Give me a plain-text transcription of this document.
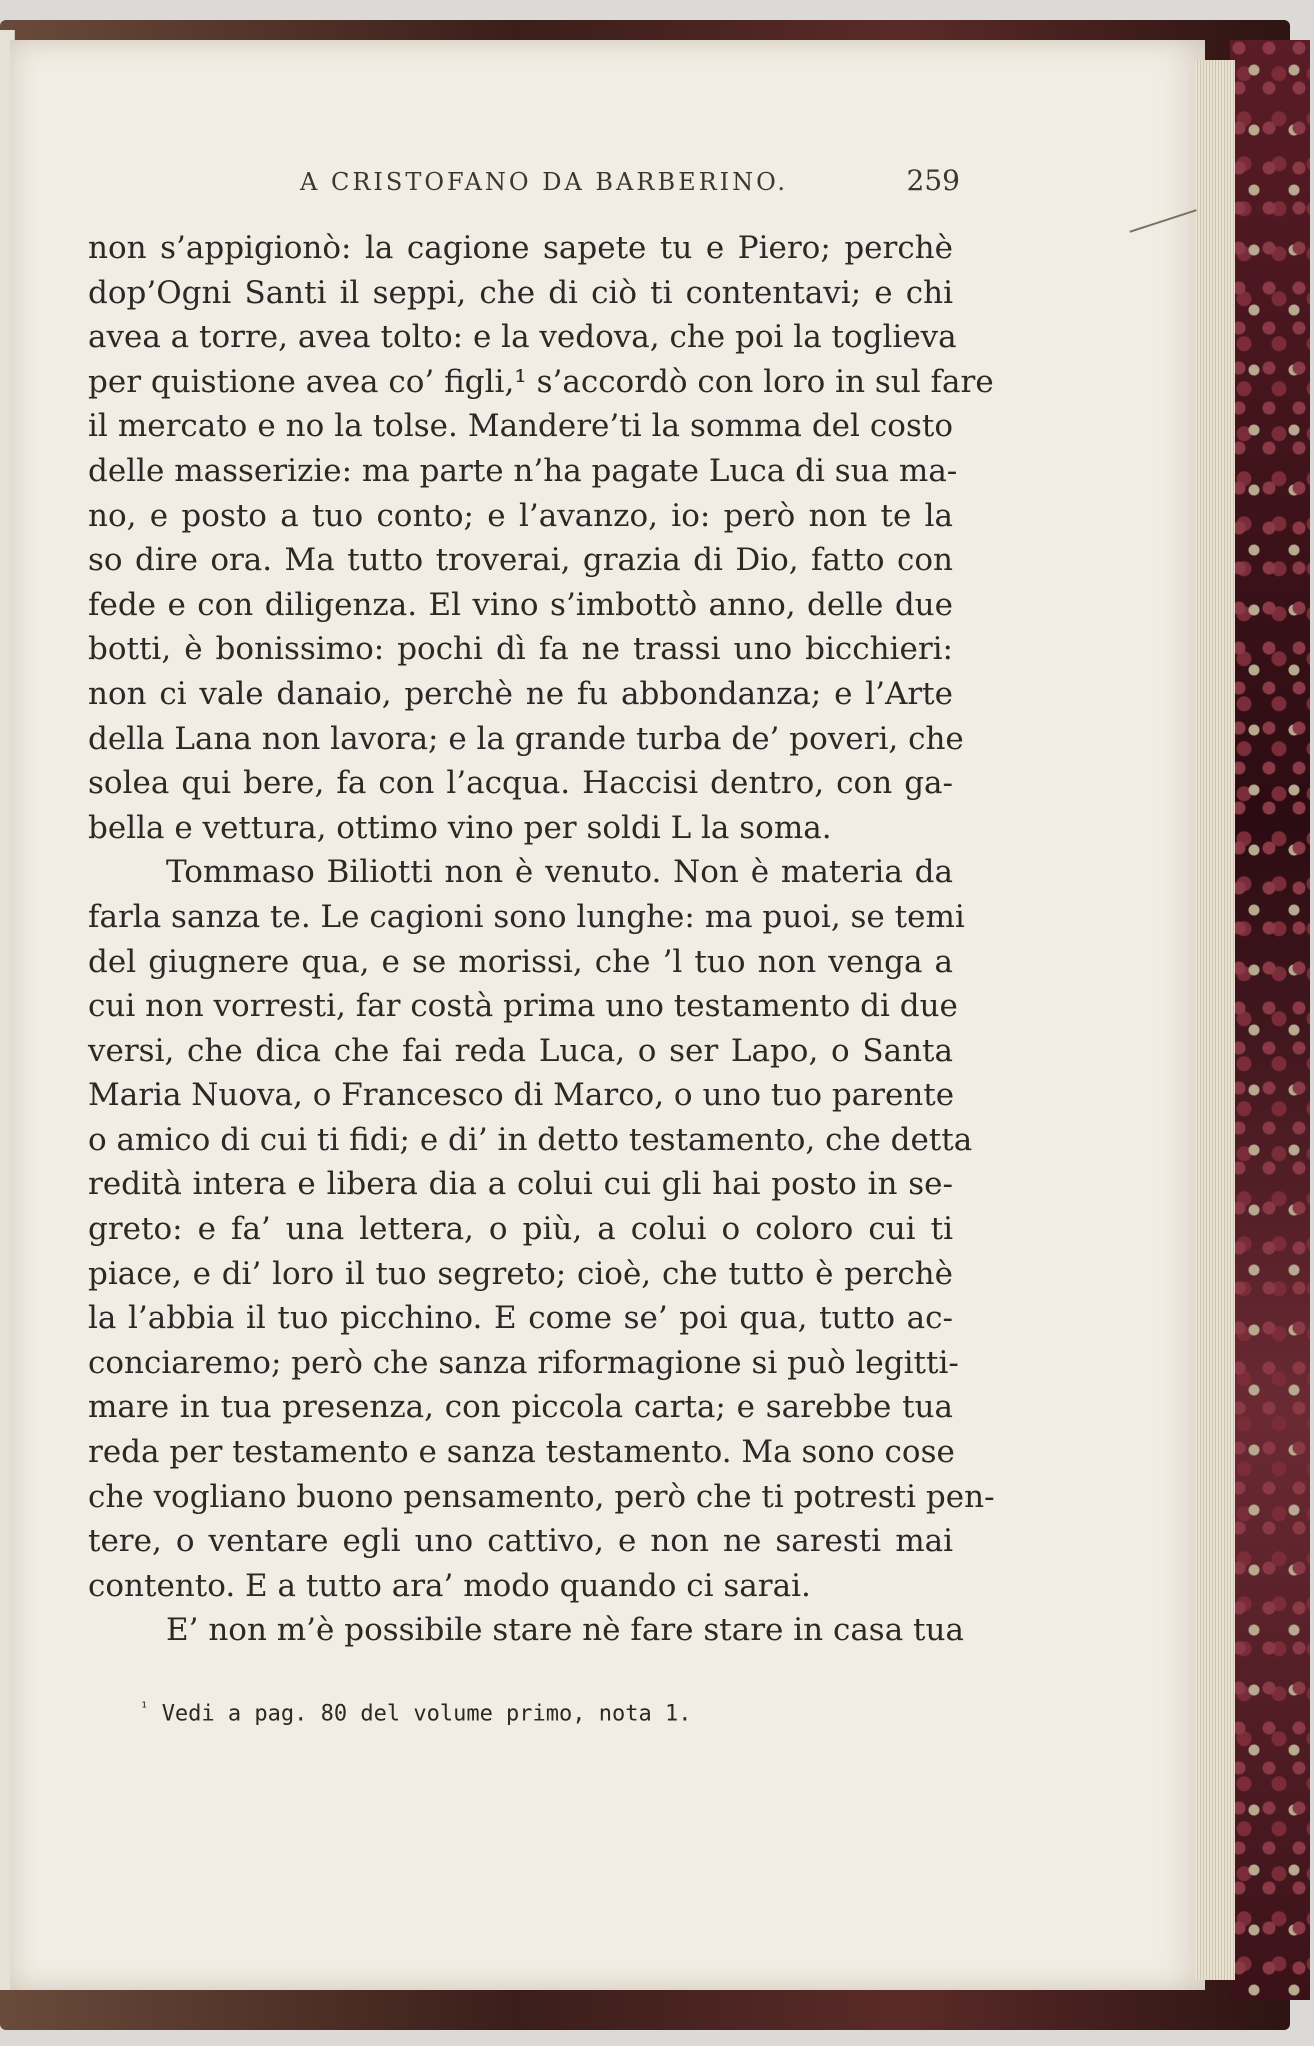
A CRISTOFANO DA BARBERINO.	259
non s’appigionò: la cagione sapete tu e Piero; perchè
dop’Ogni Santi il seppi, che di ciò ti contentavi; e chi
avea a torre, avea tolto: e la vedova, che poi la toglieva
per quistione avea co’ figli,¹ s’accordò con loro in sul fare
il mercato e no la tolse. Mandere’ti la somma del costo
delle masserizie: ma parte n’ha pagate Luca di sua ma-
no, e posto a tuo conto; e l’avanzo, io: però non te la
so dire ora. Ma tutto troverai, grazia di Dio, fatto con
fede e con diligenza. El vino s’imbottò anno, delle due
botti, è bonissimo: pochi dì fa ne trassi uno bicchieri:
non ci vale danaio, perchè ne fu abbondanza; e l’Arte
della Lana non lavora; e la grande turba de’ poveri, che
solea qui bere, fa con l’acqua. Haccisi dentro, con ga-
bella e vettura, ottimo vino per soldi L la soma.
Tommaso Biliotti non è venuto. Non è materia da
farla sanza te. Le cagioni sono lunghe: ma puoi, se temi
del giugnere qua, e se morissi, che ’l tuo non venga a
cui non vorresti, far costà prima uno testamento di due
versi, che dica che fai reda Luca, o ser Lapo, o Santa
Maria Nuova, o Francesco di Marco, o uno tuo parente
o amico di cui ti fidi; e di’ in detto testamento, che detta
redità intera e libera dia a colui cui gli hai posto in se-
greto: e fa’ una lettera, o più, a colui o coloro cui ti
piace, e di’ loro il tuo segreto; cioè, che tutto è perchè
la l’abbia il tuo picchino. E come se’ poi qua, tutto ac-
conciaremo; però che sanza riformagione si può legitti-
mare in tua presenza, con piccola carta; e sarebbe tua
reda per testamento e sanza testamento. Ma sono cose
che vogliano buono pensamento, però che ti potresti pen-
tere, o ventare egli uno cattivo, e non ne saresti mai
contento. E a tutto ara’ modo quando ci sarai.
E’ non m’è possibile stare nè fare stare in casa tua
$^{^1}$ Vedi a pag. 80 del volume primo, nota 1.
